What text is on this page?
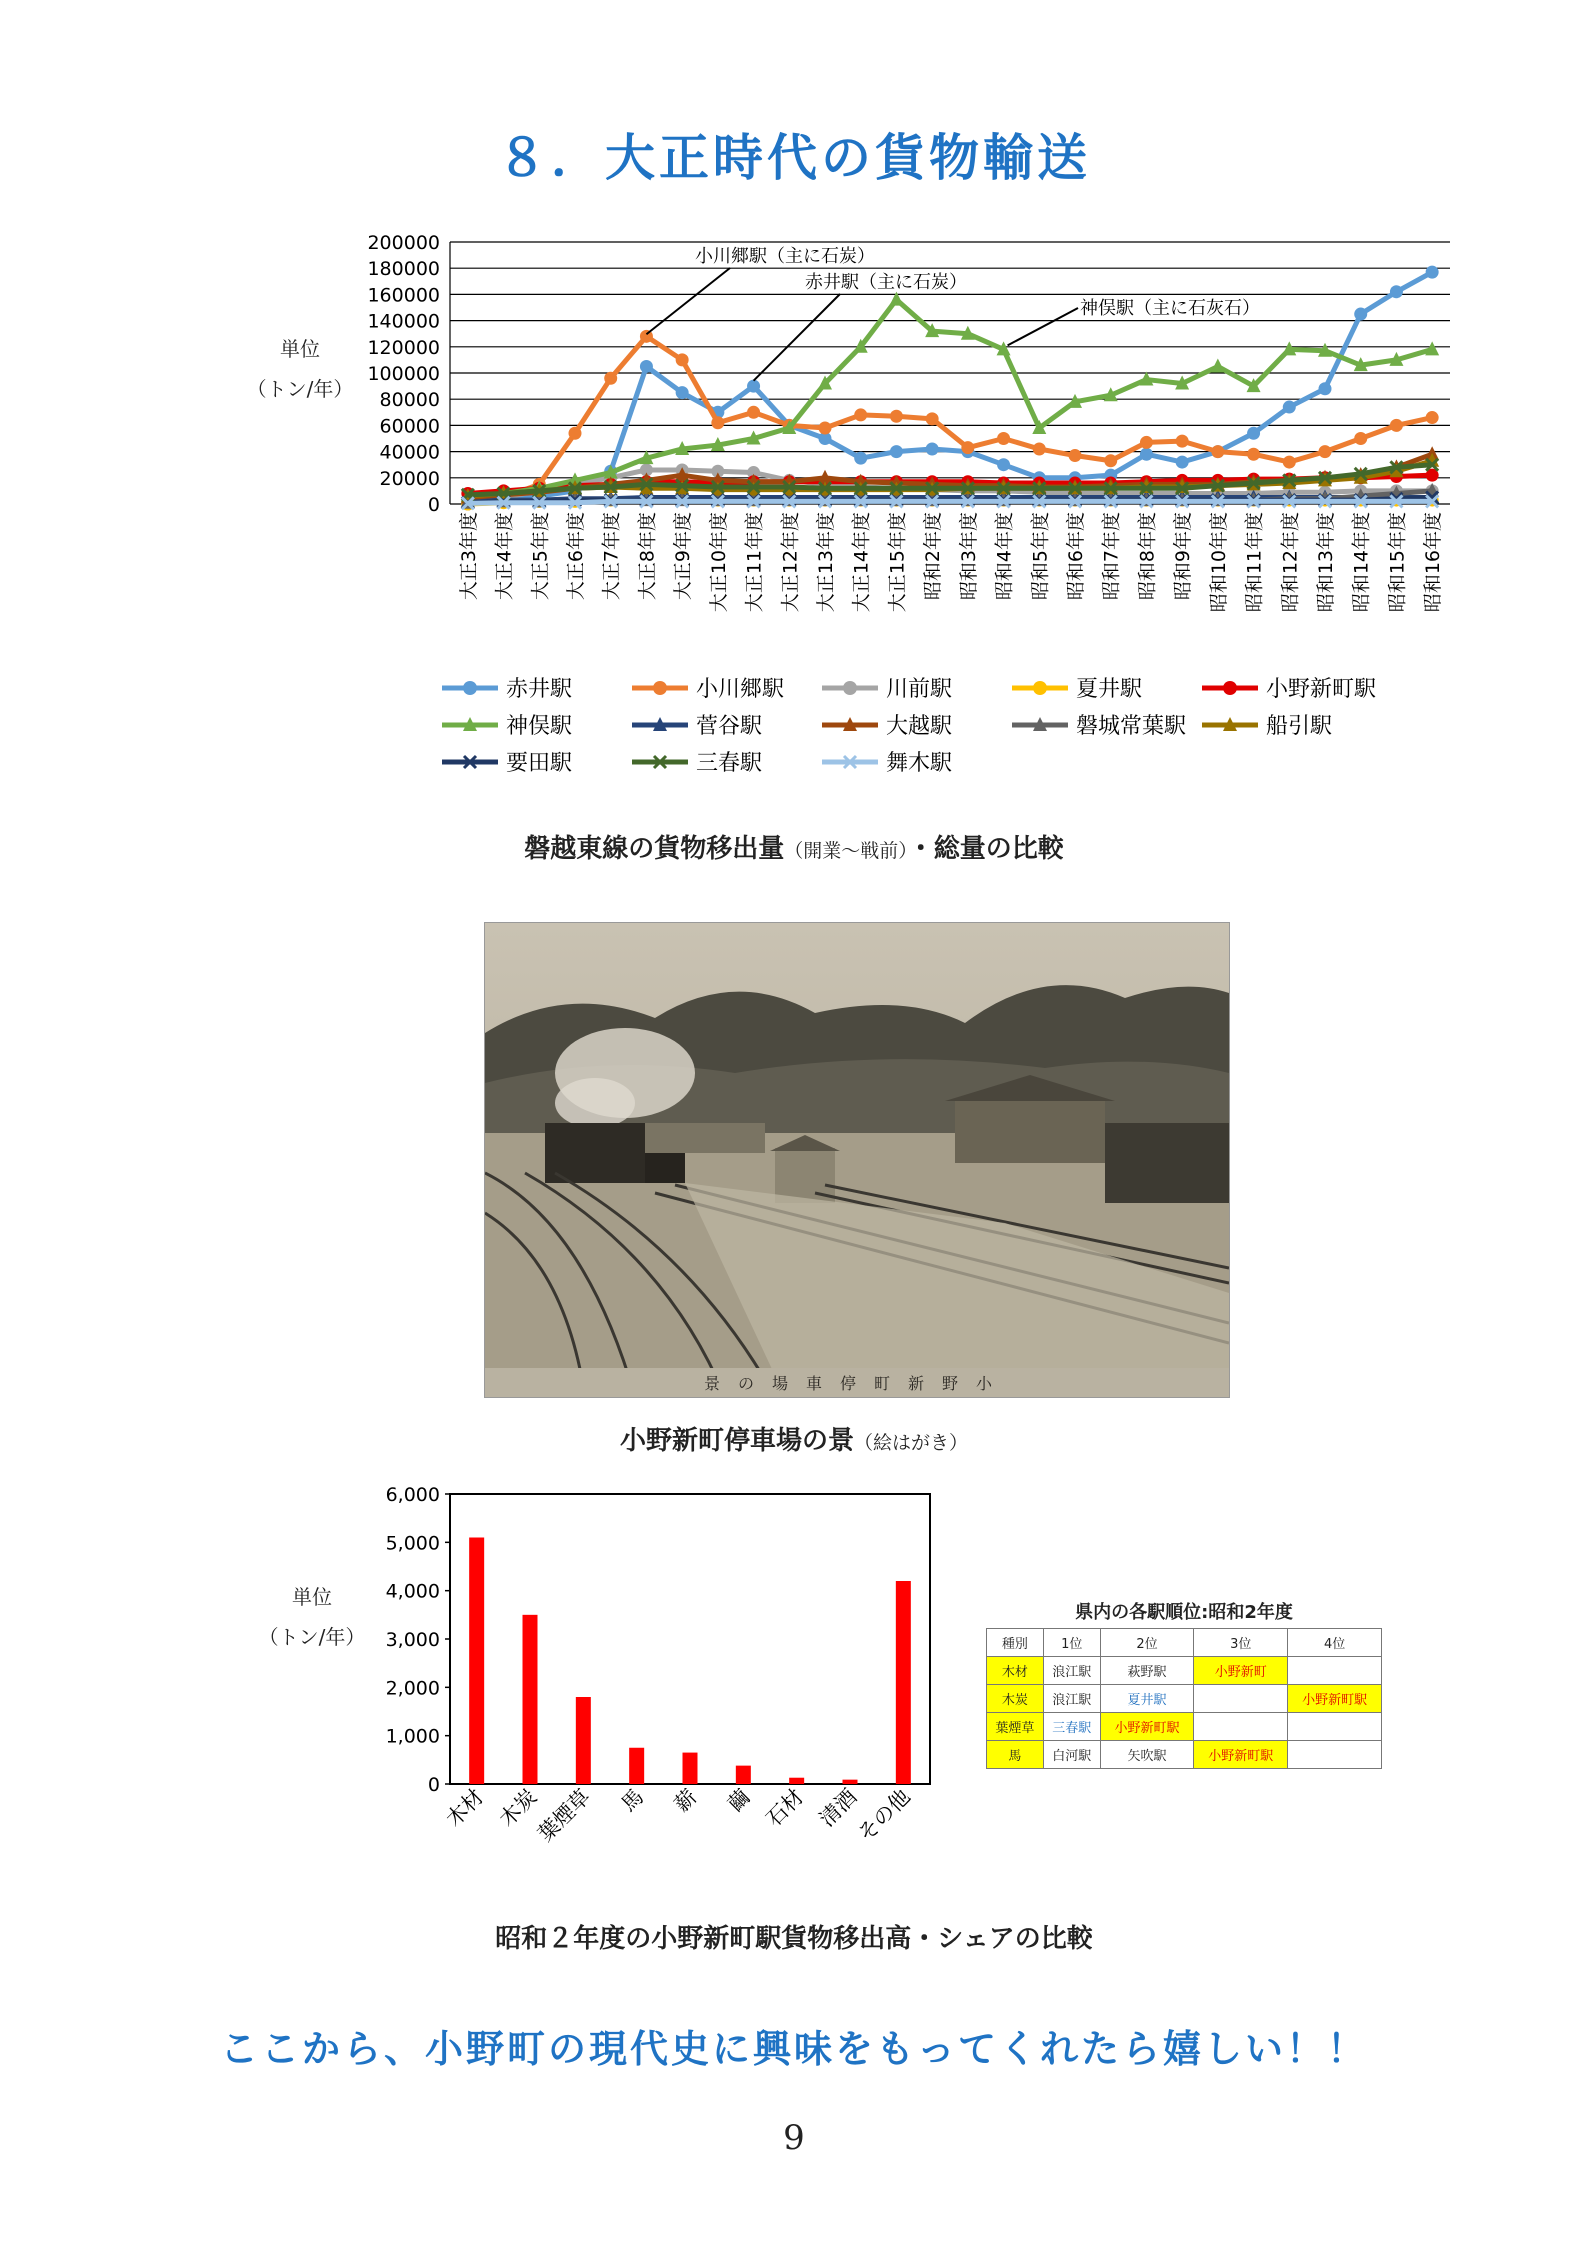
８．大正時代の貨物輸送
単位
（トン/年）
0
20000
40000
60000
80000
100000
120000
140000
160000
180000
200000
大正3年度 大正4年度 大正5年度 大正6年度 大正7年度 大正8年度 大正9年度 大正10年度 大正11年度 大正12年度 大正13年度 大正14年度 大正15年度 昭和2年度 昭和3年度 昭和4年度 昭和5年度 昭和6年度 昭和7年度 昭和8年度 昭和9年度 昭和10年度 昭和11年度 昭和12年度 昭和13年度 昭和14年度 昭和15年度 昭和16年度
小川郷駅（主に石炭）
赤井駅（主に石炭）
神俣駅（主に石灰石）
赤井駅	小川郷駅	川前駅	夏井駅	小野新町駅
神俣駅	菅谷駅	大越駅	磐城常葉駅	船引駅
要田駅	三春駅	舞木駅
磐越東線の貨物移出量（開業～戦前）・総量の比較
景の場車停町新野小
小野新町停車場の景（絵はがき）
単位
（トン/年）
0
1,000
2,000
3,000
4,000
5,000
6,000
木材 木炭
葉煙草 馬 薪 繭 石材 清酒
その他
県内の各駅順位:昭和2年度
種別	1位	2位	3位	4位
木材	浪江駅	萩野駅	小野新町	
木炭	浪江駅	夏井駅		小野新町駅
葉煙草	三春駅	小野新町駅		
馬	白河駅	矢吹駅	小野新町駅	
昭和２年度の小野新町駅貨物移出高・シェアの比較
ここから、小野町の現代史に興味をもってくれたら嬉しい！！
9
